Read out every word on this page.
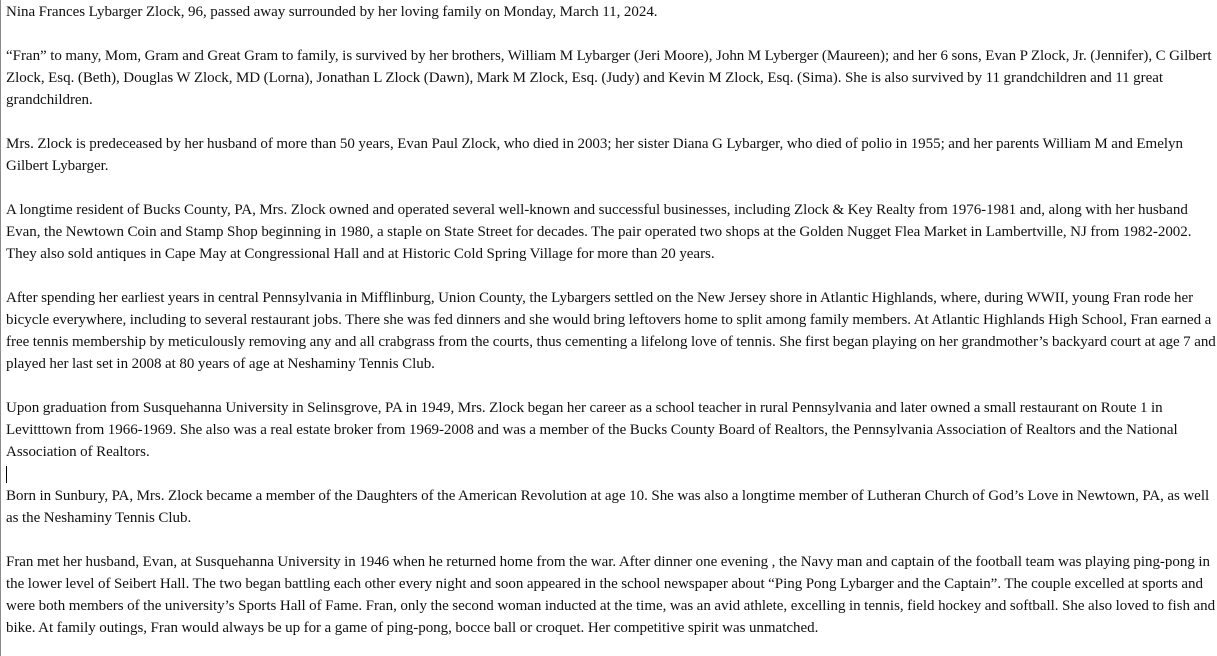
Nina Frances Lybarger Zlock, 96, passed away surrounded by her loving family on Monday, March 11, 2024.

“Fran” to many, Mom, Gram and Great Gram to family, is survived by her brothers, William M Lybarger (Jeri Moore), John M Lyberger (Maureen); and her 6 sons, Evan P Zlock, Jr. (Jennifer), C Gilbert Zlock, Esq. (Beth), Douglas W Zlock, MD (Lorna), Jonathan L Zlock (Dawn), Mark M Zlock, Esq. (Judy) and Kevin M Zlock, Esq. (Sima). She is also survived by 11 grandchildren and 11 great grandchildren.

Mrs. Zlock is predeceased by her husband of more than 50 years, Evan Paul Zlock, who died in 2003; her sister Diana G Lybarger, who died of polio in 1955; and her parents William M and Emelyn Gilbert Lybarger.

A longtime resident of Bucks County, PA, Mrs. Zlock owned and operated several well-known and successful businesses, including Zlock & Key Realty from 1976-1981 and, along with her husband Evan, the Newtown Coin and Stamp Shop beginning in 1980, a staple on State Street for decades. The pair operated two shops at the Golden Nugget Flea Market in Lambertville, NJ from 1982-2002. They also sold antiques in Cape May at Congressional Hall and at Historic Cold Spring Village for more than 20 years.

After spending her earliest years in central Pennsylvania in Mifflinburg, Union County, the Lybargers settled on the New Jersey shore in Atlantic Highlands, where, during WWII, young Fran rode her bicycle everywhere, including to several restaurant jobs. There she was fed dinners and she would bring leftovers home to split among family members. At Atlantic Highlands High School, Fran earned a free tennis membership by meticulously removing any and all crabgrass from the courts, thus cementing a lifelong love of tennis. She first began playing on her grandmother’s backyard court at age 7 and played her last set in 2008 at 80 years of age at Neshaminy Tennis Club.

Upon graduation from Susquehanna University in Selinsgrove, PA in 1949, Mrs. Zlock began her career as a school teacher in rural Pennsylvania and later owned a small restaurant on Route 1 in Levitttown from 1966-1969. She also was a real estate broker from 1969-2008 and was a member of the Bucks County Board of Realtors, the Pennsylvania Association of Realtors and the National Association of Realtors.

Born in Sunbury, PA, Mrs. Zlock became a member of the Daughters of the American Revolution at age 10. She was also a longtime member of Lutheran Church of God’s Love in Newtown, PA, as well as the Neshaminy Tennis Club.

Fran met her husband, Evan, at Susquehanna University in 1946 when he returned home from the war. After dinner one evening , the Navy man and captain of the football team was playing ping-pong in the lower level of Seibert Hall. The two began battling each other every night and soon appeared in the school newspaper about “Ping Pong Lybarger and the Captain”. The couple excelled at sports and were both members of the university’s Sports Hall of Fame. Fran, only the second woman inducted at the time, was an avid athlete, excelling in tennis, field hockey and softball. She also loved to fish and bike. At family outings, Fran would always be up for a game of ping-pong, bocce ball or croquet. Her competitive spirit was unmatched.
